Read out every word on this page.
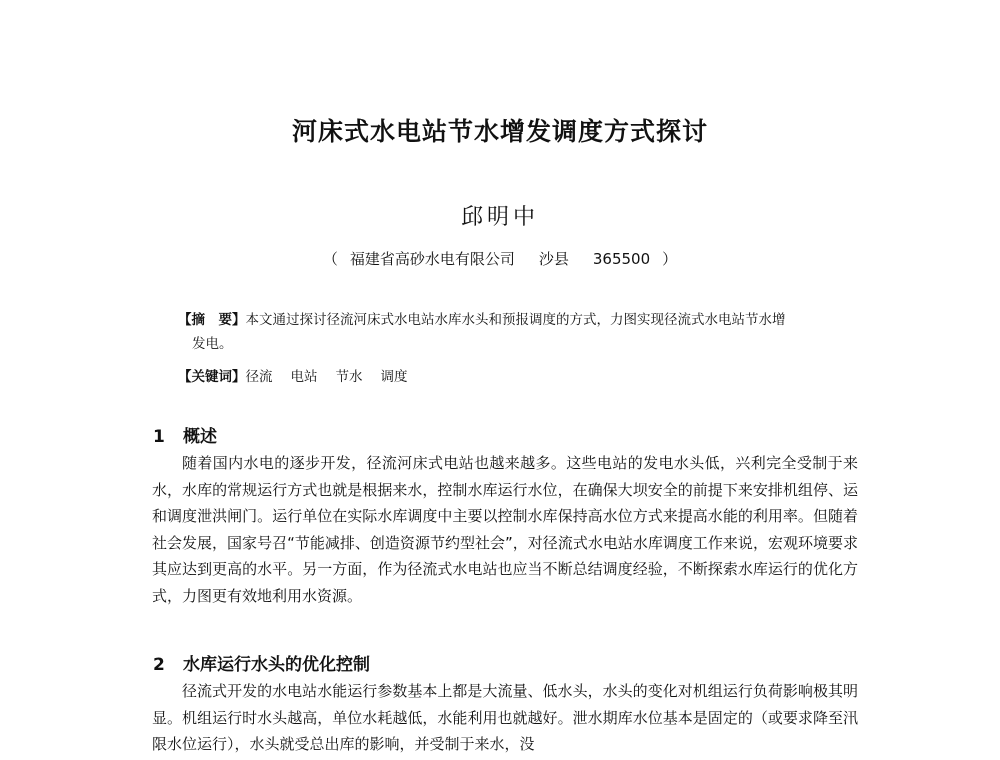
河床式水电站节水增发调度方式探讨
邱明中
（ 福建省高砂水电有限公司 沙县 365500 ）
【摘　要】本文通过探讨径流河床式水电站水库水头和预报调度的方式，力图实现径流式水电站节水增
发电。
【关键词】径流 电站 节水 调度
1 概述

随着国内水电的逐步开发，径流河床式电站也越来越多。这些电站的发电水头低，兴利完全受制于来水，水库的常规运行方式也就是根据来水，控制水库运行水位，在确保大坝安全的前提下来安排机组停、运和调度泄洪闸门。运行单位在实际水库调度中主要以控制水库保持高水位方式来提高水能的利用率。但随着社会发展，国家号召“节能减排、创造资源节约型社会”，对径流式水电站水库调度工作来说，宏观环境要求其应达到更高的水平。另一方面，作为径流式水电站也应当不断总结调度经验，不断探索水库运行的优化方式，力图更有效地利用水资源。

2 水库运行水头的优化控制

径流式开发的水电站水能运行参数基本上都是大流量、低水头，水头的变化对机组运行负荷影响极其明显。机组运行时水头越高，单位水耗越低，水能利用也就越好。泄水期库水位基本是固定的（或要求降至汛限水位运行），水头就受总出库的影响，并受制于来水，没
